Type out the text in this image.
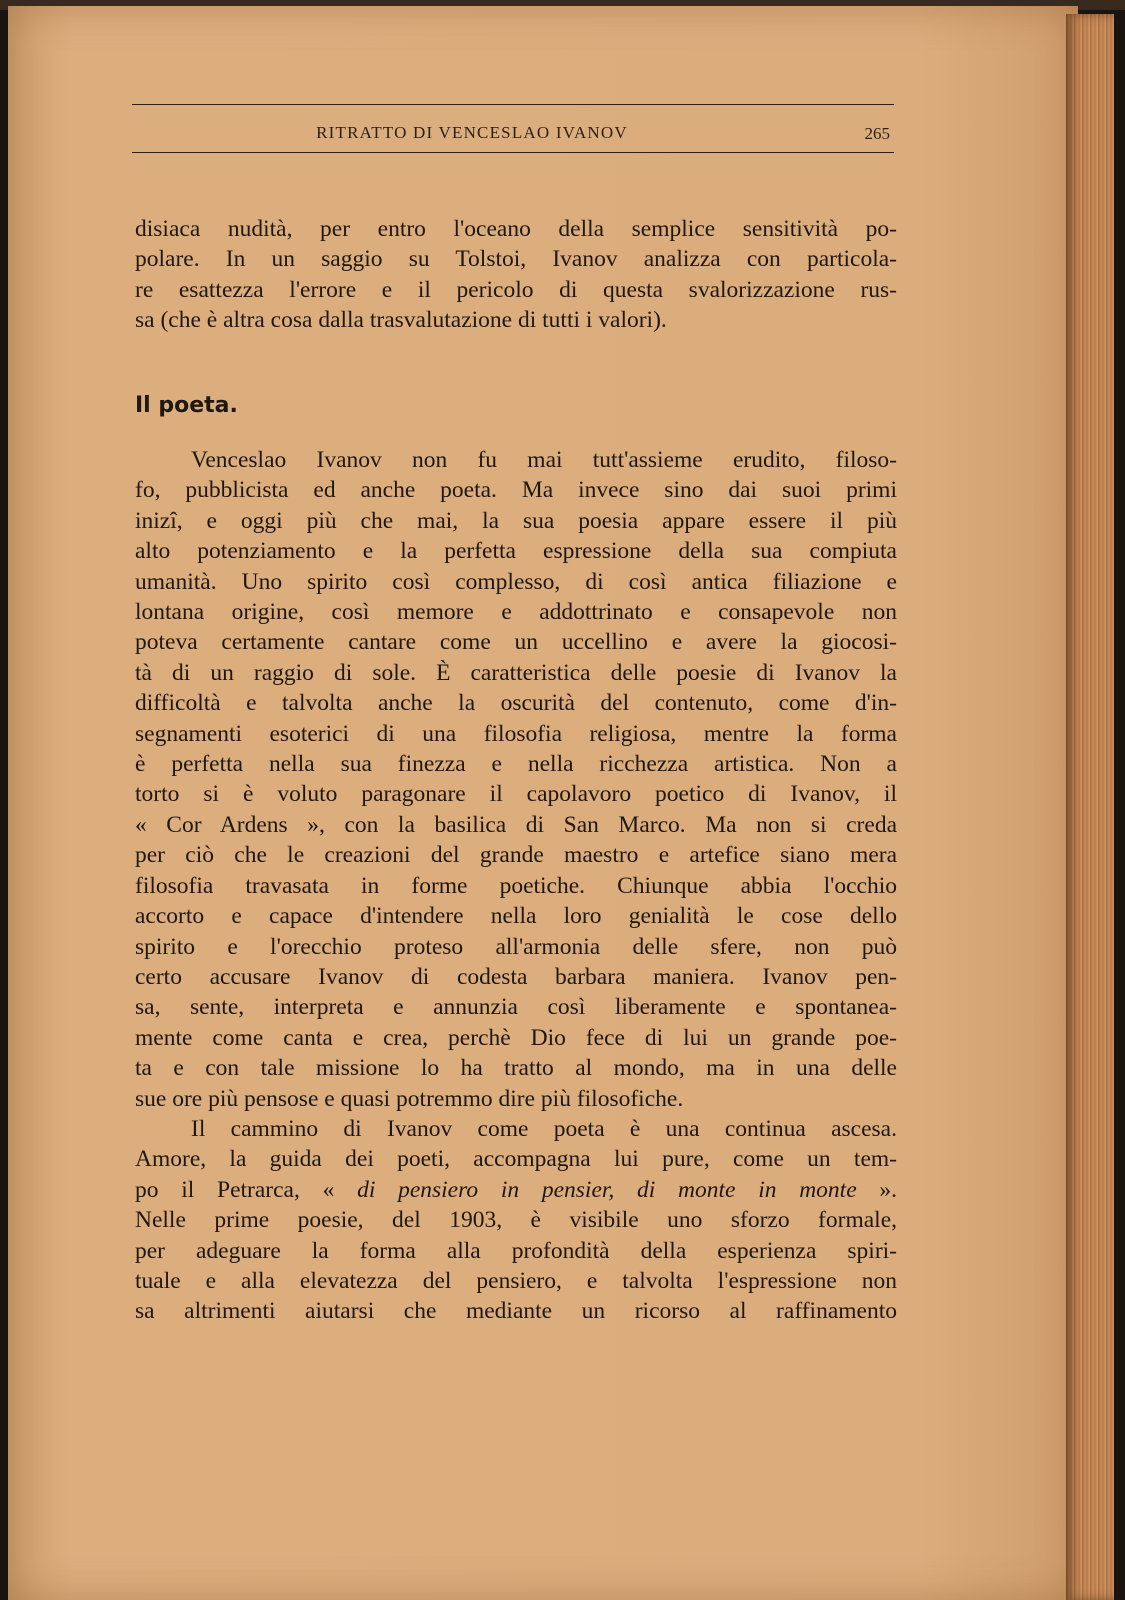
RITRATTO DI VENCESLAO IVANOV	265
disiaca nudità, per entro l'oceano della semplice sensitività po-
polare. In un saggio su Tolstoi, Ivanov analizza con particola-
re esattezza l'errore e il pericolo di questa svalorizzazione rus-
sa (che è altra cosa dalla trasvalutazione di tutti i valori).
Il poeta.
Venceslao Ivanov non fu mai tutt'assieme erudito, filoso-
fo, pubblicista ed anche poeta. Ma invece sino dai suoi primi
inizî, e oggi più che mai, la sua poesia appare essere il più
alto potenziamento e la perfetta espressione della sua compiuta
umanità. Uno spirito così complesso, di così antica filiazione e
lontana origine, così memore e addottrinato e consapevole non
poteva certamente cantare come un uccellino e avere la giocosi-
tà di un raggio di sole. È caratteristica delle poesie di Ivanov la
difficoltà e talvolta anche la oscurità del contenuto, come d'in-
segnamenti esoterici di una filosofia religiosa, mentre la forma
è perfetta nella sua finezza e nella ricchezza artistica. Non a
torto si è voluto paragonare il capolavoro poetico di Ivanov, il
« Cor Ardens », con la basilica di San Marco. Ma non si creda
per ciò che le creazioni del grande maestro e artefice siano mera
filosofia travasata in forme poetiche. Chiunque abbia l'occhio
accorto e capace d'intendere nella loro genialità le cose dello
spirito e l'orecchio proteso all'armonia delle sfere, non può
certo accusare Ivanov di codesta barbara maniera. Ivanov pen-
sa, sente, interpreta e annunzia così liberamente e spontanea-
mente come canta e crea, perchè Dio fece di lui un grande poe-
ta e con tale missione lo ha tratto al mondo, ma in una delle
sue ore più pensose e quasi potremmo dire più filosofiche.
Il cammino di Ivanov come poeta è una continua ascesa.
Amore, la guida dei poeti, accompagna lui pure, come un tem-
po il Petrarca, « di pensiero in pensier, di monte in monte ».
Nelle prime poesie, del 1903, è visibile uno sforzo formale,
per adeguare la forma alla profondità della esperienza spiri-
tuale e alla elevatezza del pensiero, e talvolta l'espressione non
sa altrimenti aiutarsi che mediante un ricorso al raffinamento
